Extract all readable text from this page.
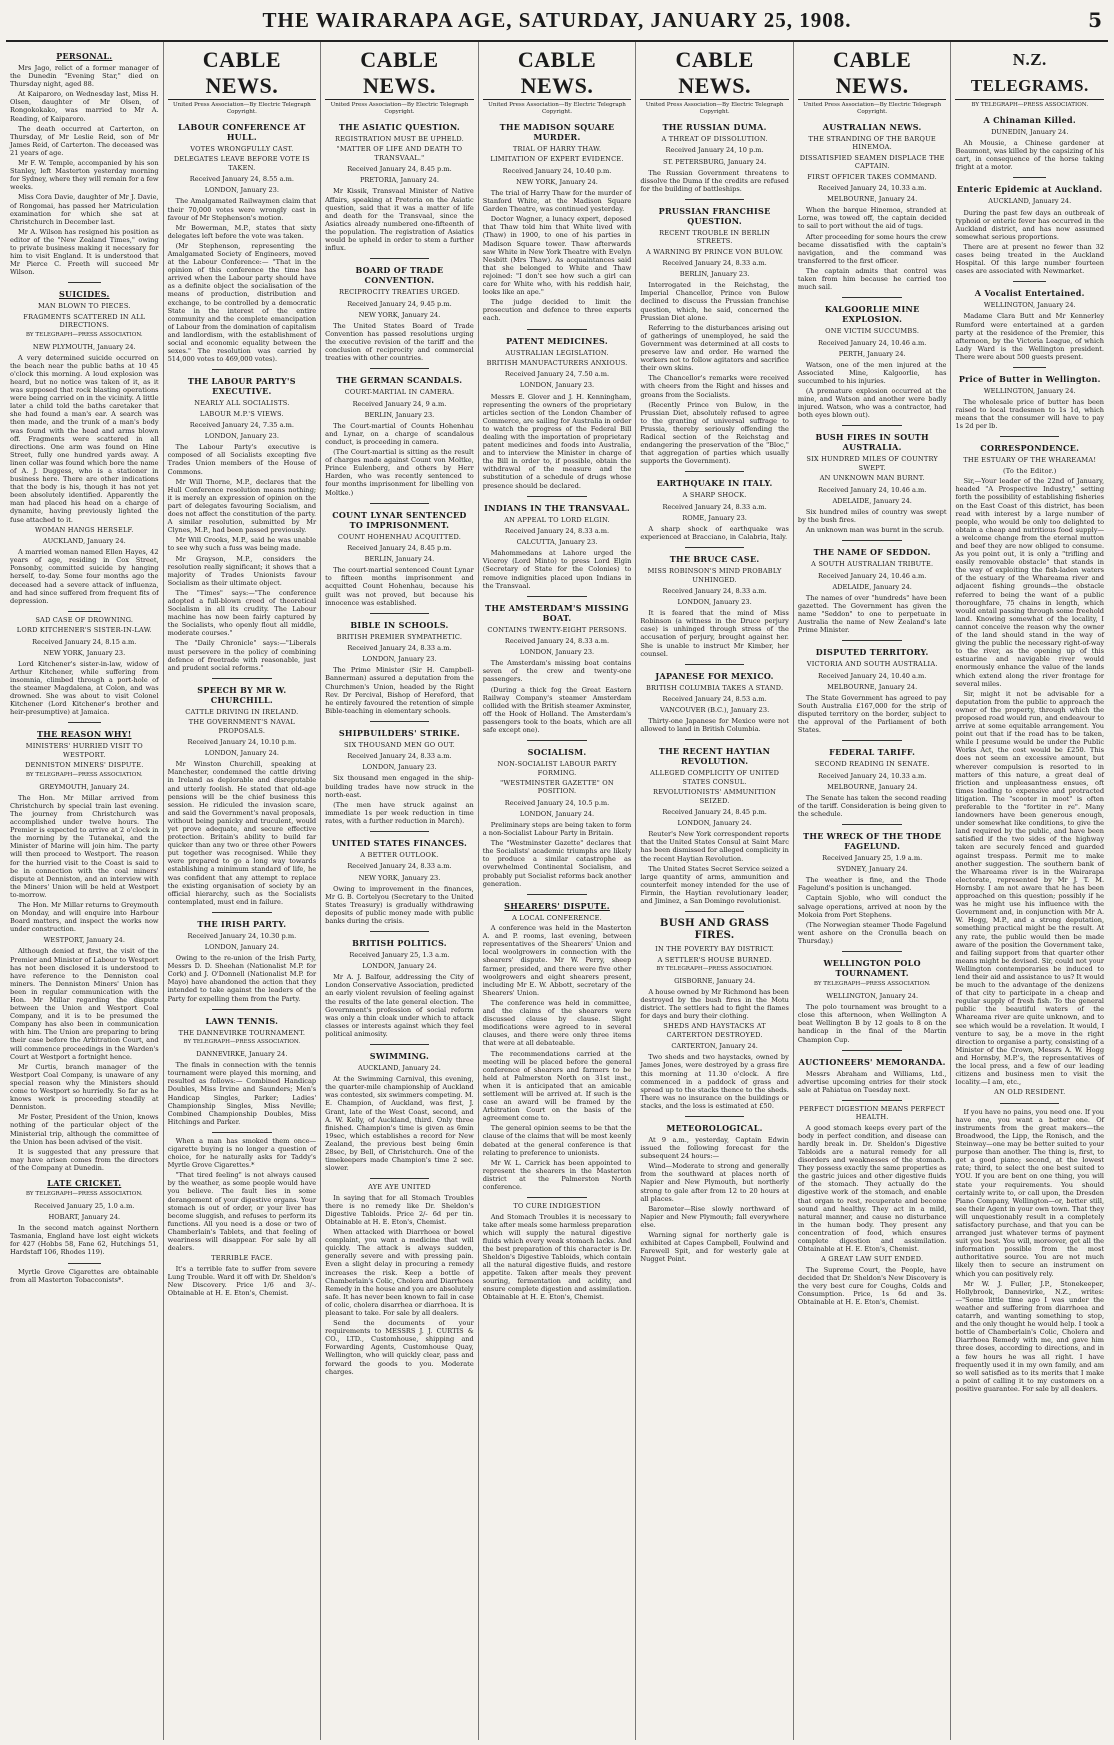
THE WAIRARAPA AGE, SATURDAY, JANUARY 25, 1908.	5
PERSONAL.

Mrs Jago, relict of a former manager of the Dunedin "Evening Star," died on Thursday night, aged 88.

At Kaiparoro, on Wednesday last, Miss H. Olsen, daughter of Mr Olsen, of Rongokokako, was married to Mr A. Reading, of Kaiparoro.

The death occurred at Carterton, on Thursday, of Mr Leslie Reid, son of Mr James Reid, of Carterton. The deceased was 21 years of age.

Mr F. W. Temple, accompanied by his son Stanley, left Masterton yesterday morning for Sydney, where they will remain for a few weeks.

Miss Cora Davie, daughter of Mr J. Davie, of Rongomai, has passed her Matriculation examination for which she sat at Christchurch in December last.

Mr A. Wilson has resigned his position as editor of the "New Zealand Times," owing to private business making it necessary for him to visit England. It is understood that Mr Pierce C. Freeth will succeed Mr Wilson.

SUICIDES.
MAN BLOWN TO PIECES.
FRAGMENTS SCATTERED IN ALL DIRECTIONS.
BY TELEGRAPH—PRESS ASSOCIATION.
NEW PLYMOUTH, January 24.

A very determined suicide occurred on the beach near the public baths at 10 45 o'clock this morning. A loud explosion was heard, but no notice was taken of it, as it was supposed that rock blasting operations were being carried on in the vicinity. A little later a child told the baths caretaker that she had found a man's ear. A search was then made, and the trunk of a man's body was found with the head and arms blown off. Fragments were scattered in all directions. One arm was found on Hine Street, fully one hundred yards away. A linen collar was found which bore the name of A. J. Duggess, who is a stationer in business here. There are other indications that the body is his, though it has not yet been absolutely identified. Apparently the man had placed his head on a charge of dynamite, having previously lighted the fuse attached to it.

WOMAN HANGS HERSELF.
AUCKLAND, January 24.

A married woman named Ellen Hayes, 42 years of age, residing in Cox Street, Ponsonby, committed suicide by hanging herself, to-day. Some four months ago the deceased had a severe attack of influenza, and had since suffered from frequent fits of depression.

SAD CASE OF DROWNING.
LORD KITCHENER'S SISTER-IN-LAW.
Received January 24, 8.15 a.m.
NEW YORK, January 23.

Lord Kitchener's sister-in-law, widow of Arthur Kitchener, while suffering from insomnia, climbed through a port-hole of the steamer Magdalena, at Colon, and was drowned. She was about to visit Colonel Kitchener (Lord Kitchener's brother and heir-presumptive) at Jamaica.

THE REASON WHY!
MINISTERS' HURRIED VISIT TO WESTPORT.
DENNISTON MINERS' DISPUTE.
BY TELEGRAPH—PRESS ASSOCIATION.
GREYMOUTH, January 24.

The Hon. Mr Millar arrived from Christchurch by special train last evening. The journey from Christchurch was accomplished under twelve hours. The Premier is expected to arrive at 2 o'clock in the morning by the Tutanekai, and the Minister of Marine will join him. The party will then proceed to Westport. The reason for the hurried visit to the Coast is said to be in connection with the coal miners' dispute at Denniston, and an interview with the Miners' Union will be held at Westport to-morrow.

The Hon. Mr Millar returns to Greymouth on Monday, and will enquire into Harbour Board matters, and inspect the works now under construction.

WESTPORT, January 24.

Although denied at first, the visit of the Premier and Minister of Labour to Westport has not been disclosed it is understood to have reference to the Denniston coal miners. The Denniston Miners' Union has been in regular communication with the Hon. Mr Millar regarding the dispute between the Union and Westport Coal Company, and it is to be presumed the Company has also been in communication with him. The Union are preparing to bring their case before the Arbitration Court, and will commence proceedings in the Warden's Court at Westport a fortnight hence.

Mr Curtis, branch manager of the Westport Coal Company, is unaware of any special reason why the Ministers should come to Westport so hurriedly. So far as he knows work is proceeding steadily at Denniston.

Mr Foster, President of the Union, knows nothing of the particular object of the Ministerial trip, although the committee of the Union has been advised of the visit.

It is suggested that any pressure that may have arisen comes from the directors of the Company at Dunedin.

LATE CRICKET.
BY TELEGRAPH—PRESS ASSOCIATION.
Received January 25, 1.0 a.m.
HOBART, January 24.

In the second match against Northern Tasmania, England have lost eight wickets for 427 (Hobbs 58, Fane 62, Hutchings 51, Hardstaff 106, Rhodes 119).

Myrtle Grove Cigarettes are obtainable from all Masterton Tobacconists*.

CABLE NEWS.
United Press Association—By Electric Telegraph Copyright.
LABOUR CONFERENCE AT HULL.
VOTES WRONGFULLY CAST.
DELEGATES LEAVE BEFORE VOTE IS TAKEN.
Received January 24, 8.55 a.m.
LONDON, January 23.

The Amalgamated Railwaymen claim that their 70,000 votes were wrongly cast in favour of Mr Stephenson's motion.

Mr Bowerman, M.P., states that sixty delegates left before the vote was taken.

(Mr Stephenson, representing the Amalgamated Society of Engineers, moved at the Labour Conference:— "That in the opinion of this conference the time has arrived when the Labour party should have as a definite object the socialisation of the means of production, distribution and exchange, to be controlled by a democratic State in the interest of the entire community and the complete emancipation of Labour from the domination of capitalism and landlordism, with the establishment of social and economic equality between the sexes." The resolution was carried by 514,000 votes to 469,000 votes).

THE LABOUR PARTY'S EXECUTIVE.
NEARLY ALL SOCIALISTS.
LABOUR M.P.'S VIEWS.
Received January 24, 7.35 a.m.
LONDON, January 23.

The Labour Party's executive is composed of all Socialists excepting five Trades Union members of the House of Commons.

Mr Will Thorne, M.P., declares that the Hull Conference resolution means nothing; it is merely an expression of opinion on the part of delegates favouring Socialism, and does not affect the constitution of the party. A similar resolution, submitted by Mr Clynes, M.P., had been passed previously.

Mr Will Crooks, M.P., said he was unable to see why such a fuss was being made.

Mr Grayson, M.P., considers the resolution really significant; it shows that a majority of Trades Unionists favour Socialism as their ultimate object.

The "Times" says:—"The conference adopted a full-blown creed of theoretical Socialism in all its crudity. The Labour machine has now been fairly captured by the Socialists, who openly flout all middle, moderate courses."

The "Daily Chronicle" says:—"Liberals must persevere in the policy of combining defence of freetrade with reasonable, just and prudent social reforms."

SPEECH BY MR W. CHURCHILL.
CATTLE DRIVING IN IRELAND.
THE GOVERNMENT'S NAVAL PROPOSALS.
Received January 24, 10.10 p.m.
LONDON, January 24.

Mr Winston Churchill, speaking at Manchester, condemned the cattle driving in Ireland as deplorable and disreputable and utterly foolish. He stated that old-age pensions will be the chief business this session. He ridiculed the invasion scare, and said the Government's naval proposals, without being panicky and truculent, would yet prove adequate, and secure effective protection. Britain's ability to build far quicker than any two or three other Powers put together was recognised. While they were prepared to go a long way towards establishing a minimum standard of life, he was confident that any attempt to replace the existing organisation of society by an official hierarchy, such as the Socialists contemplated, must end in failure.

THE IRISH PARTY.
Received January 24, 10.30 p.m.
LONDON, January 24.

Owing to the re-union of the Irish Party, Messrs D. D. Sheehan (Nationalist M.P. for Cork) and J. O'Donnell (Nationalist M.P. for Mayo) have abandoned the action that they intended to take against the leaders of the Party for expelling them from the Party.

LAWN TENNIS.
THE DANNEVIRKE TOURNAMENT.
BY TELEGRAPH—PRESS ASSOCIATION.
DANNEVIRKE, January 24.

The finals in connection with the tennis tournament were played this morning, and resulted as follows:— Combined Handicap Doubles, Miss Irvine and Saunders; Men's Handicap Singles, Parker; Ladies' Championship Singles, Miss Neville; Combined Championship Doubles, Miss Hitchings and Parker.

When a man has smoked them once—cigarette buying is no longer a question of choice, for he naturally asks for Taddy's Myrtle Grove Cigarettes.*

"That tired feeling" is not always caused by the weather, as some people would have you believe. The fault lies in some derangement of your digestive organs. Your stomach is out of order, or your liver has become sluggish, and refuses to perform its functions. All you need is a dose or two of Chamberlain's Tablets, and that feeling of weariness will disappear. For sale by all dealers.

TERRIBLE FACE.

It's a terrible fate to suffer from severe Lung Trouble. Ward it off with Dr. Sheldon's New Discovery. Price 1/6 and 3/-. Obtainable at H. E. Eton's, Chemist.

CABLE NEWS.
United Press Association—By Electric Telegraph Copyright.
THE ASIATIC QUESTION.
REGISTRATION MUST BE UPHELD.
"MATTER OF LIFE AND DEATH TO TRANSVAAL."
Received January 24, 8.45 p.m.
PRETORIA, January 24.

Mr Kissik, Transvaal Minister of Native Affairs, speaking at Pretoria on the Asiatic question, said that it was a matter of life and death for the Transvaal, since the Asiatics already numbered one-fifteenth of the population. The registration of Asiatics would be upheld in order to stem a further influx.

BOARD OF TRADE CONVENTION.
RECIPROCITY TREATIES URGED.
Received January 24, 9.45 p.m.
NEW YORK, January 24.

The United States Board of Trade Convention has passed resolutions urging the executive revision of the tariff and the conclusion of reciprocity and commercial treaties with other countries.

THE GERMAN SCANDALS.
COURT-MARTIAL IN CAMERA.
Received January 24, 9 a.m.
BERLIN, January 23.

The Court-martial of Counts Hohenhau and Lynar, on a charge of scandalous conduct, is proceeding in camera.

(The Court-martial is sitting as the result of charges made against Count von Moltke, Prince Eulenberg, and others by Herr Harden, who was recently sentenced to four months imprisonment for libelling von Moltke.)

COUNT LYNAR SENTENCED TO IMPRISONMENT.
COUNT HOHENHAU ACQUITTED.
Received January 24, 8.45 p.m.
BERLIN, January 24.

The court-martial sentenced Count Lynar to fifteen months imprisonment and acquitted Count Hohenhau, because his guilt was not proved, but because his innocence was established.

BIBLE IN SCHOOLS.
BRITISH PREMIER SYMPATHETIC.
Received January 24, 8.33 a.m.
LONDON, January 23.

The Prime Minister (Sir H. Campbell-Bannerman) assured a deputation from the Churchmen's Union, headed by the Right Rev. Dr Percival, Bishop of Hereford, that he entirely favoured the retention of simple Bible-teaching in elementary schools.

SHIPBUILDERS' STRIKE.
SIX THOUSAND MEN GO OUT.
Received January 24, 8.33 a.m.
LONDON, January 23.

Six thousand men engaged in the ship-building trades have now struck in the north-east.

(The men have struck against an immediate 1s per week reduction in time rates, with a further reduction in March).

UNITED STATES FINANCES.
A BETTER OUTLOOK.
Received January 24, 8.33 a.m.
NEW YORK, January 23.

Owing to improvement in the finances, Mr G. B. Cortelyou (Secretary to the United States Treasury) is gradually withdrawing deposits of public money made with public banks during the crisis.

BRITISH POLITICS.
Received January 25, 1.3 a.m.
LONDON, January 24.

Mr A. J. Balfour, addressing the City of London Conservative Association, predicted an early violent revulsion of feeling against the results of the late general election. The Government's profession of social reform was only a thin cloak under which to attack classes or interests against which they feel political animosity.

SWIMMING.
AUCKLAND, January 24.

At the Swimming Carnival, this evening, the quarter-mile championship of Auckland was contested, six swimmers competing. M. E. Champion, of Auckland, was first, J. Grant, late of the West Coast, second, and A. W. Kelly, of Auckland, third. Only three finished. Champion's time is given as 6min 19sec, which establishes a record for New Zealand, the previous best being 6min 28sec, by Bell, of Christchurch. One of the timekeepers made Champion's time 2 sec. slower.

AYE AYE UNITED

In saying that for all Stomach Troubles there is no remedy like Dr. Sheldon's Digestive Tabloids. Price 2/- 6d per tin. Obtainable at H. E. Eton's, Chemist.

When attacked with Diarrhoea or bowel complaint, you want a medicine that will quickly. The attack is always sudden, generally severe and with pressing pain. Even a slight delay in procuring a remedy increases the risk. Keep a bottle of Chamberlain's Colic, Cholera and Diarrhoea Remedy in the house and you are absolutely safe. It has never been known to fail in case of colic, cholera disarrhea or diarrhoea. It is pleasant to take. For sale by all dealers.

Send the documents of your requirements to MESSRS J. J. CURTIS & CO., LTD., Customhouse, shipping and Forwarding Agents, Customhouse Quay, Wellington, who will quickly clear, pass and forward the goods to you. Moderate charges.

CABLE NEWS.
United Press Association—By Electric Telegraph Copyright.
THE MADISON SQUARE MURDER.
TRIAL OF HARRY THAW.
LIMITATION OF EXPERT EVIDENCE.
Received January 24, 10.40 p.m.
NEW YORK, January 24.

The trial of Harry Thaw for the murder of Stanford White, at the Madison Square Garden Theatre, was continued yesterday.

Doctor Wagner, a lunacy expert, deposed that Thaw told him that White lived with (Thaw) in 1900, to one of his parties in Madison Square tower. Thaw afterwards saw White in New York Theatre with Evelyn Nesbitt (Mrs Thaw). As acquaintances said that she belonged to White and Thaw rejoined: "I don't see how such a girl can care for White who, with his reddish hair, looks like an ape."

The judge decided to limit the prosecution and defence to three experts each.

PATENT MEDICINES.
AUSTRALIAN LEGISLATION.
BRITISH MANUFACTURERS ANXIOUS.
Received January 24, 7.50 a.m.
LONDON, January 23.

Messrs E. Glover and J. H. Kenningham, representing the owners of the proprietary articles section of the London Chamber of Commerce, are sailing for Australia in order to watch the progress of the Federal Bill dealing with the importation of proprietary patent medicines and foods into Australia, and to interview the Minister in charge of the Bill in order to, if possible, obtain the withdrawal of the measure and the substitution of a schedule of drugs whose presence should be declared.

INDIANS IN THE TRANSVAAL.
AN APPEAL TO LORD ELGIN.
Received January 24, 8.33 a.m.
CALCUTTA, January 23.

Mahommedans at Lahore urged the Viceroy (Lord Minto) to press Lord Elgin (Secretary of State for the Colonies) to remove indignities placed upon Indians in the Transvaal.

THE AMSTERDAM'S MISSING BOAT.
CONTAINS TWENTY-EIGHT PERSONS.
Received January 24, 8.33 a.m.
LONDON, January 23.

The Amsterdam's missing boat contains seven of the crew and twenty-one passengers.

(During a thick fog the Great Eastern Railway Company's steamer Amsterdam collided with the British steamer Axminster, off the Hook of Holland. The Amsterdam's passengers took to the boats, which are all safe except one).

SOCIALISM.
NON-SOCIALIST LABOUR PARTY FORMING.
"WESTMINSTER GAZETTE" ON POSITION.
Received January 24, 10.5 p.m.
LONDON, January 24.

Preliminary steps are being taken to form a non-Socialist Labour Party in Britain.

The "Westminster Gazette" declares that the Socialists' academic triumphs are likely to produce a similar catastrophe as overwhelmed Continental Socialism, and probably put Socialist reforms back another generation.

SHEARERS' DISPUTE.
A LOCAL CONFERENCE.

A conference was held in the Masterton A. and P. rooms, last evening, between representatives of the Shearers' Union and local woolgrowers in connection with the shearers' dispute. Mr W. Perry, sheep farmer, presided, and there were five other woolgrowers and eight shearers present, including Mr E. W. Abbott, secretary of the Shearers' Union.

The conference was held in committee, and the claims of the shearers were discussed clause by clause. Slight modifications were agreed to in several clauses, and there were only three items that were at all debateable.

The recommendations carried at the meeting will be placed before the general conference of shearers and farmers to be held at Palmerston North on 31st inst., when it is anticipated that an amicable settlement will be arrived at. If such is the case an award will be framed by the Arbitration Court on the basis of the agreement come to.

The general opinion seems to be that the clause of the claims that will be most keenly debated at the general conference is that relating to preference to unionists.

Mr W. L. Carrick has been appointed to represent the shearers in the Masterton district at the Palmerston North conference.

TO CURE INDIGESTION

And Stomach Troubles it is necessary to take after meals some harmless preparation which will supply the natural digestive fluids which every weak stomach lacks. And the best preparation of this character is Dr. Sheldon's Digestive Tabloids, which contain all the natural digestive fluids, and restore appetite. Taken after meals they prevent souring, fermentation and acidity, and ensure complete digestion and assimilation. Obtainable at H. E. Eton's, Chemist.

CABLE NEWS.
United Press Association—By Electric Telegraph Copyright.
THE RUSSIAN DUMA.
A THREAT OF DISSOLUTION.
Received January 24, 10 p.m.
ST. PETERSBURG, January 24.

The Russian Government threatens to dissolve the Duma if the credits are refused for the building of battleships.

PRUSSIAN FRANCHISE QUESTION.
RECENT TROUBLE IN BERLIN STREETS.
A WARNING BY PRINCE VON BULOW.
Received January 24, 8.33 a.m.
BERLIN, January 23.

Interrogated in the Reichstag, the Imperial Chancellor, Prince von Bulow declined to discuss the Prussian franchise question, which, he said, concerned the Prussian Diet alone.

Referring to the disturbances arising out of gatherings of unemployed, he said the Government was determined at all costs to preserve law and order. He warned the workers not to follow agitators and sacrifice their own skins.

The Chancellor's remarks were received with cheers from the Right and hisses and groans from the Socialists.

(Recently Prince von Bulow, in the Prussian Diet, absolutely refused to agree to the granting of universal suffrage to Prussia, thereby seriously offending the Radical section of the Reichstag and endangering the preservation of the "Bloc," that aggregation of parties which usually supports the Government).

EARTHQUAKE IN ITALY.
A SHARP SHOCK.
Received January 24, 8.33 a.m.
ROME, January 23.

A sharp shock of earthquake was experienced at Bracciano, in Calabria, Italy.

THE BRUCE CASE.
MISS ROBINSON'S MIND PROBABLY UNHINGED.
Received January 24, 8.33 a.m.
LONDON, January 23.

It is feared that the mind of Miss Robinson (a witness in the Druce perjury case) is unhinged through stress of the accusation of perjury, brought against her. She is unable to instruct Mr Kimber, her counsel.

JAPANESE FOR MEXICO.
BRITISH COLUMBIA TAKES A STAND.
Received January 24, 8.53 a.m.
VANCOUVER (B.C.), January 23.

Thirty-one Japanese for Mexico were not allowed to land in British Columbia.

THE RECENT HAYTIAN REVOLUTION.
ALLEGED COMPLICITY OF UNITED STATES CONSUL.
REVOLUTIONISTS' AMMUNITION SEIZED.
Received January 24, 8.45 p.m.
LONDON, January 24.

Reuter's New York correspondent reports that the United States Consul at Saint Marc has been dismissed for alleged complicity in the recent Haytian Revolution.

The United States Secret Service seized a large quantity of arms, ammunition and counterfeit money intended for the use of Firmin, the Haytian revolutionary leader, and Jiminez, a San Domingo revolutionist.

BUSH AND GRASS FIRES.
IN THE POVERTY BAY DISTRICT.
A SETTLER'S HOUSE BURNED.
BY TELEGRAPH—PRESS ASSOCIATION.
GISBORNE, January 24.

A house owned by Mr Richmond has been destroyed by the bush fires in the Motu district. The settlers had to fight the flames for days and bury their clothing.

SHEDS AND HAYSTACKS AT CARTERTON DESTROYED.
CARTERTON, January 24.

Two sheds and two haystacks, owned by James Jones, were destroyed by a grass fire this morning at 11.30 o'clock. A fire commenced in a paddock of grass and spread up to the stacks thence to the sheds. There was no insurance on the buildings or stacks, and the loss is estimated at £50.

METEOROLOGICAL.

At 9 a.m., yesterday, Captain Edwin issued the following forecast for the subsequent 24 hours:—

Wind—Moderate to strong and generally from the southward at places north of Napier and New Plymouth, but northerly strong to gale after from 12 to 20 hours at all places.

Barometer—Rise slowly northward of Napier and New Plymouth; fall everywhere else.

Warning signal for northerly gale is exhibited at Capes Campbell, Foulwind and Farewell Spit, and for westerly gale at Nugget Point.

CABLE NEWS.
United Press Association—By Electric Telegraph Copyright.
AUSTRALIAN NEWS.
THE STRANDING OF THE BARQUE HINEMOA.
DISSATISFIED SEAMEN DISPLACE THE CAPTAIN.
FIRST OFFICER TAKES COMMAND.
Received January 24, 10.33 a.m.
MELBOURNE, January 24.

When the barque Hinemoa, stranded at Lorne, was towed off, the captain decided to sail to port without the aid of tugs.

After proceeding for some hours the crew became dissatisfied with the captain's navigation, and the command was transferred to the first officer.

The captain admits that control was taken from him because he carried too much sail.

KALGOORLIE MINE EXPLOSION.
ONE VICTIM SUCCUMBS.
Received January 24, 10.46 a.m.
PERTH, January 24.

Watson, one of the men injured at the Associated Mine, Kalgoorlie, has succumbed to his injuries.

(A premature explosion occurred at the mine, and Watson and another were badly injured. Watson, who was a contractor, had both eyes blown out).

BUSH FIRES IN SOUTH AUSTRALIA.
SIX HUNDRED MILES OF COUNTRY SWEPT.
AN UNKNOWN MAN BURNT.
Received January 24, 10.46 a.m.
ADELAIDE, January 24.

Six hundred miles of country was swept by the bush fires.

An unknown man was burnt in the scrub.

THE NAME OF SEDDON.
A SOUTH AUSTRALIAN TRIBUTE.
Received January 24, 10.46 a.m.
ADELAIDE, January 24.

The names of over "hundreds" have been gazetted. The Government has given the name "Seddon" to one to perpetuate in Australia the name of New Zealand's late Prime Minister.

DISPUTED TERRITORY.
VICTORIA AND SOUTH AUSTRALIA.
Received January 24, 10.40 a.m.
MELBOURNE, January 24.

The State Government has agreed to pay South Australia £167,000 for the strip of disputed territory on the border, subject to the approval of the Parliament of both States.

FEDERAL TARIFF.
SECOND READING IN SENATE.
Received January 24, 10.33 a.m.
MELBOURNE, January 24.

The Senate has taken the second reading of the tariff. Consideration is being given to the schedule.

THE WRECK OF THE THODE FAGELUND.
Received January 25, 1.9 a.m.
SYDNEY, January 24.

The weather is fine, and the Thode Fagelund's position is unchanged.

Captain Sjoblo, who will conduct the salvage operations, arrived at noon by the Mokoia from Port Stephens.

(The Norwegian steamer Thode Fagelund went ashore on the Cronulla beach on Thursday.)

WELLINGTON POLO TOURNAMENT.
BY TELEGRAPH—PRESS ASSOCIATION.
WELLINGTON, January 24.

The polo tournament was brought to a close this afternoon, when Wellington A beat Wellington B by 12 goals to 8 on the handicap in the final of the Martin Champion Cup.

AUCTIONEERS' MEMORANDA.

Messrs Abraham and Williams, Ltd., advertise upcoming entries for their stock sale at Pahiatua on Tuesday next.

PERFECT DIGESTION MEANS PERFECT HEALTH.

A good stomach keeps every part of the body in perfect condition, and disease can hardly break in. Dr. Sheldon's Digestive Tabloids are a natural remedy for all disorders and weaknesses of the stomach. They possess exactly the same properties as the gastric juices and other digestive fluids of the stomach. They actually do the digestive work of the stomach, and enable that organ to rest, recuperate and become sound and healthy. They act in a mild, natural manner, and cause no disturbance in the human body. They present any concentration of food, which ensures complete digestion and assimilation. Obtainable at H. E. Eton's, Chemist.

A GREAT LAW SUIT ENDED.

The Supreme Court, the People, have decided that Dr. Sheldon's New Discovery is the very best cure for Coughs, Colds and Consumption. Price, 1s 6d and 3s. Obtainable at H. E. Eton's, Chemist.

N.Z. TELEGRAMS.
BY TELEGRAPH—PRESS ASSOCIATION.
A Chinaman Killed.
DUNEDIN, January 24.

Ah Mousie, a Chinese gardener at Beaumont, was killed by the capsizing of his cart, in consequence of the horse taking fright at a motor.

Enteric Epidemic at Auckland.
AUCKLAND, January 24.

During the past few days an outbreak of typhoid or enteric fever has occurred in the Auckland district, and has now assumed somewhat serious proportions.

There are at present no fewer than 32 cases being treated in the Auckland Hospital. Of this large number fourteen cases are associated with Newmarket.

A Vocalist Entertained.
WELLINGTON, January 24.

Madame Clara Butt and Mr Kennerley Rumford were entertained at a garden party at the residence of the Premier, this afternoon, by the Victoria League, of which Lady Ward is the Wellington president. There were about 500 guests present.

Price of Butter in Wellington.
WELLINGTON, January 24.

The wholesale price of butter has been raised to local tradesmen to 1s 1d, which means that the consumer will have to pay 1s 2d per lb.

CORRESPONDENCE.
THE ESTUARY OF THE WHAREAMA!
(To the Editor.)

Sir,—Your leader of the 22nd of January, headed "A Prospective Industry," setting forth the possibility of establishing fisheries on the East Coast of this district, has been read with interest by a large number of people, who would be only too delighted to obtain a cheap and nutritious food supply—a welcome change from the eternal mutton and beef they are now obliged to consume. As you point out, it is only a "trifling and easily removable obstacle" that stands in the way of exploiting the fish-laden waters of the estuary of the Whareama river and adjacent fishing grounds—the obstacle referred to being the want of a public thoroughfare, 75 chains in length, which would entail passing through some freehold land. Knowing somewhat of the locality, I cannot conceive the reason why the owner of the land should stand in the way of giving the public the necessary right-of-way to the river, as the opening up of this estuarine and navigable river would enormously enhance the value of the lands which extend along the river frontage for several miles.

Sir, might it not be advisable for a deputation from the public to approach the owner of the property, through which the proposed road would run, and endeavour to arrive at some equitable arrangement. You point out that if the road has to be taken, while I presume would be under the Public Works Act, the cost would be £250. This does not seem an excessive amount, but wherever compulsion is resorted to in matters of this nature, a great deal of friction and unpleasantness ensues, oft times leading to expensive and protracted litigation. The "scooter in moot" is often preferable to the "fortiter in re". Many landowners have been generous enough, under somewhat like conditions, to give the land required by the public, and have been satisfied if the two sides of the highway taken are securely fenced and guarded against trespass. Permit me to make another suggestion. The southern bank of the Whareama river is in the Wairarapa electorate, represented by Mr J. T. M. Hornsby. I am not aware that he has been approached on this question; possibly if he was he might use his influence with the Government and, in conjunction with Mr A. W. Hogg, M.P., and a strong deputation, something practical might be the result. At any rate, the public would then be made aware of the position the Government take, and failing support from that quarter other means might be devised. Sir, could not your Wellington contemporaries be induced to lend their aid and assistance to us? It would be much to the advantage of the denizens of that city to participate in a cheap and regular supply of fresh fish. To the general public the beautiful waters of the Whareama river are quite unknown, and to see which would be a revelation. It would, I venture to say, be a move in the right direction to organise a party, consisting of a Minister of the Crown, Messrs A. W. Hogg and Hornsby, M.P.'s, the representatives of the local press, and a few of our leading citizens and business men to visit the locality.—I am, etc.,

AN OLD RESIDENT.

If you have no pains, you need one. If you have one, you want a better one. Of instruments from the great makers—the Broadwood, the Lipp, the Ronisch, and the Steinway—one may be better suited to your purpose than another. The thing is, first, to get a good piano; second, at the lowest rate; third, to select the one best suited to YOU. If you are bent on one thing, you will state your requirements. You should certainly write to, or call upon, the Dresden Piano Company, Wellington—or, better still, see their Agent in your own town. That they will unquestionably result in a completely satisfactory purchase, and that you can be arranged just whatever terms of payment suit you best. You will, moreover, get all the information possible from the most authoritative source. You are not much likely then to secure an instrument on which you can positively rely.

Mr W. J. Fuller, J.P., Stonekeeper, Hollybrook, Dannevirke, N.Z., writes:—"Some little time ago I was under the weather and suffering from diarrhoea and catarrh, and wanting something to stop, and the only thought he would help. I took a bottle of Chamberlain's Colic, Cholera and Diarrhoea Remedy with me, and gave him three doses, according to directions, and in a few hours he was all right. I have frequently used it in my own family, and am so well satisfied as to its merits that I make a point of calling it to my customers on a positive guarantee. For sale by all dealers.
